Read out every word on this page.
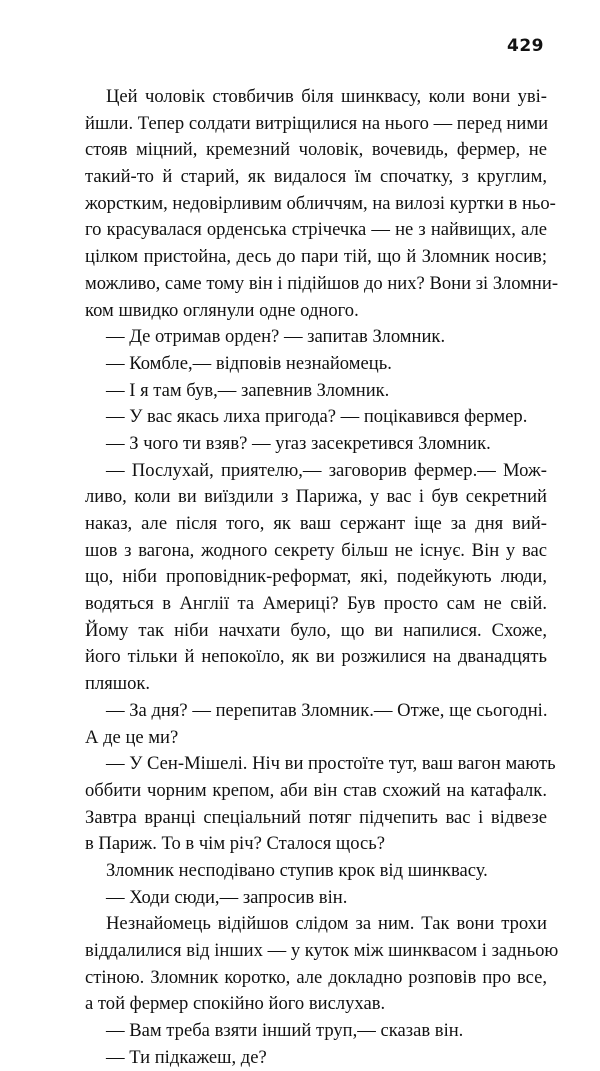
429
Цей чоловік стовбичив біля шинквасу, коли вони уві-
йшли. Тепер солдати витріщилися на нього — перед ними
стояв міцний, кремезний чоловік, вочевидь, фермер, не
такий-то й старий, як видалося їм спочатку, з круглим,
жорстким, недовірливим обличчям, на вилозі куртки в ньо-
го красувалася орденська стрічечка — не з найвищих, але
цілком пристойна, десь до пари тій, що й Зломник носив;
можливо, саме тому він і підійшов до них? Вони зі Зломни-
ком швидко оглянули одне одного.
— Де отримав орден? — запитав Зломник.
— Комбле,— відповів незнайомець.
— І я там був,— запевнив Зломник.
— У вас якась лиха пригода? — поцікавився фермер.
— З чого ти взяв? — уraз засекретився Зломник.
— Послухай, приятелю,— заговорив фермер.— Мож-
ливо, коли ви виїздили з Парижа, у вас і був секретний
наказ, але після того, як ваш сержант іще за дня вий-
шов з вагона, жодного секрету більш не існує. Він у вас
що, ніби проповідник-реформат, які, подейкують люди,
водяться в Англії та Америці? Був просто сам не свій.
Йому так ніби начхати було, що ви напилися. Схоже,
його тільки й непокоїло, як ви розжилися на дванадцять
пляшок.
— За дня? — перепитав Зломник.— Отже, ще сьогодні.
А де це ми?
— У Сен-Мішелі. Ніч ви простоїте тут, ваш вагон мають
оббити чорним крепом, аби він став схожий на катафалк.
Завтра вранці спеціальний потяг підчепить вас і відвезе
в Париж. То в чім річ? Сталося щось?
Зломник несподівано ступив крок від шинквасу.
— Ходи сюди,— запросив він.
Незнайомець відійшов слідом за ним. Так вони трохи
віддалилися від інших — у куток між шинквасом і задньою
стіною. Зломник коротко, але докладно розповів про все,
а той фермер спокійно його вислухав.
— Вам треба взяти інший труп,— сказав він.
— Ти підкажеш, де?
